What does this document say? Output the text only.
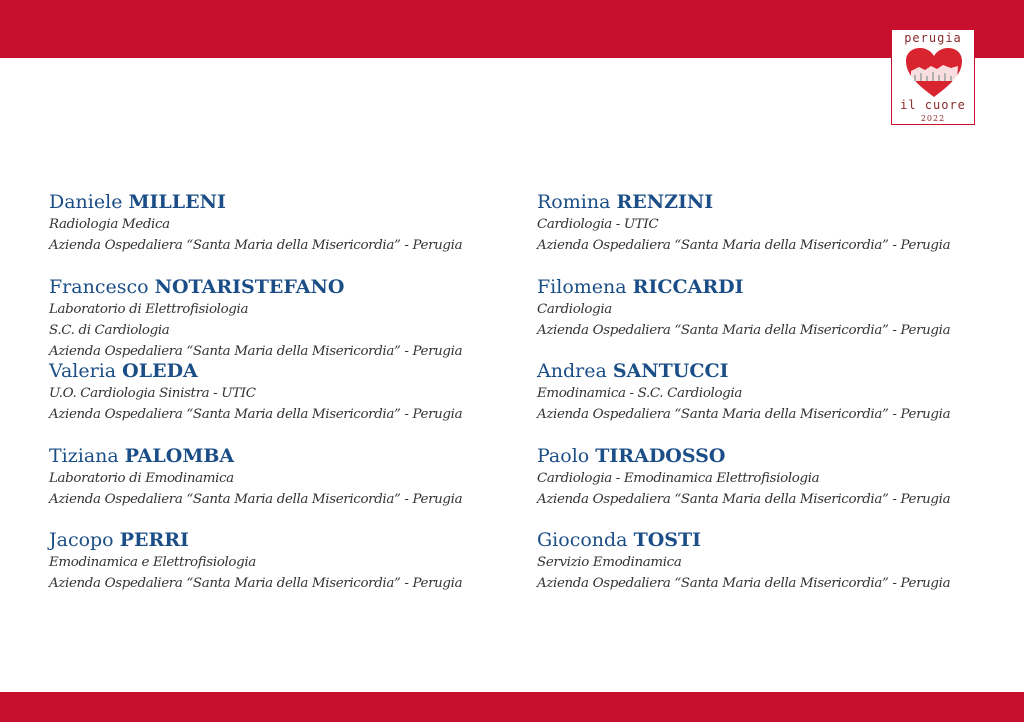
perugia
il cuore
2022
Daniele MILLENI
Radiologia Medica
Azienda Ospedaliera “Santa Maria della Misericordia” - Perugia
Francesco NOTARISTEFANO
Laboratorio di Elettrofisiologia
S.C. di Cardiologia
Azienda Ospedaliera “Santa Maria della Misericordia” - Perugia
Valeria OLEDA
U.O. Cardiologia Sinistra - UTIC
Azienda Ospedaliera “Santa Maria della Misericordia” - Perugia
Tiziana PALOMBA
Laboratorio di Emodinamica
Azienda Ospedaliera “Santa Maria della Misericordia” - Perugia
Jacopo PERRI
Emodinamica e Elettrofisiologia
Azienda Ospedaliera “Santa Maria della Misericordia” - Perugia
Romina RENZINI
Cardiologia - UTIC
Azienda Ospedaliera “Santa Maria della Misericordia” - Perugia
Filomena RICCARDI
Cardiologia
Azienda Ospedaliera “Santa Maria della Misericordia” - Perugia
Andrea SANTUCCI
Emodinamica - S.C. Cardiologia
Azienda Ospedaliera “Santa Maria della Misericordia” - Perugia
Paolo TIRADOSSO
Cardiologia - Emodinamica Elettrofisiologia
Azienda Ospedaliera “Santa Maria della Misericordia” - Perugia
Gioconda TOSTI
Servizio Emodinamica
Azienda Ospedaliera “Santa Maria della Misericordia” - Perugia
